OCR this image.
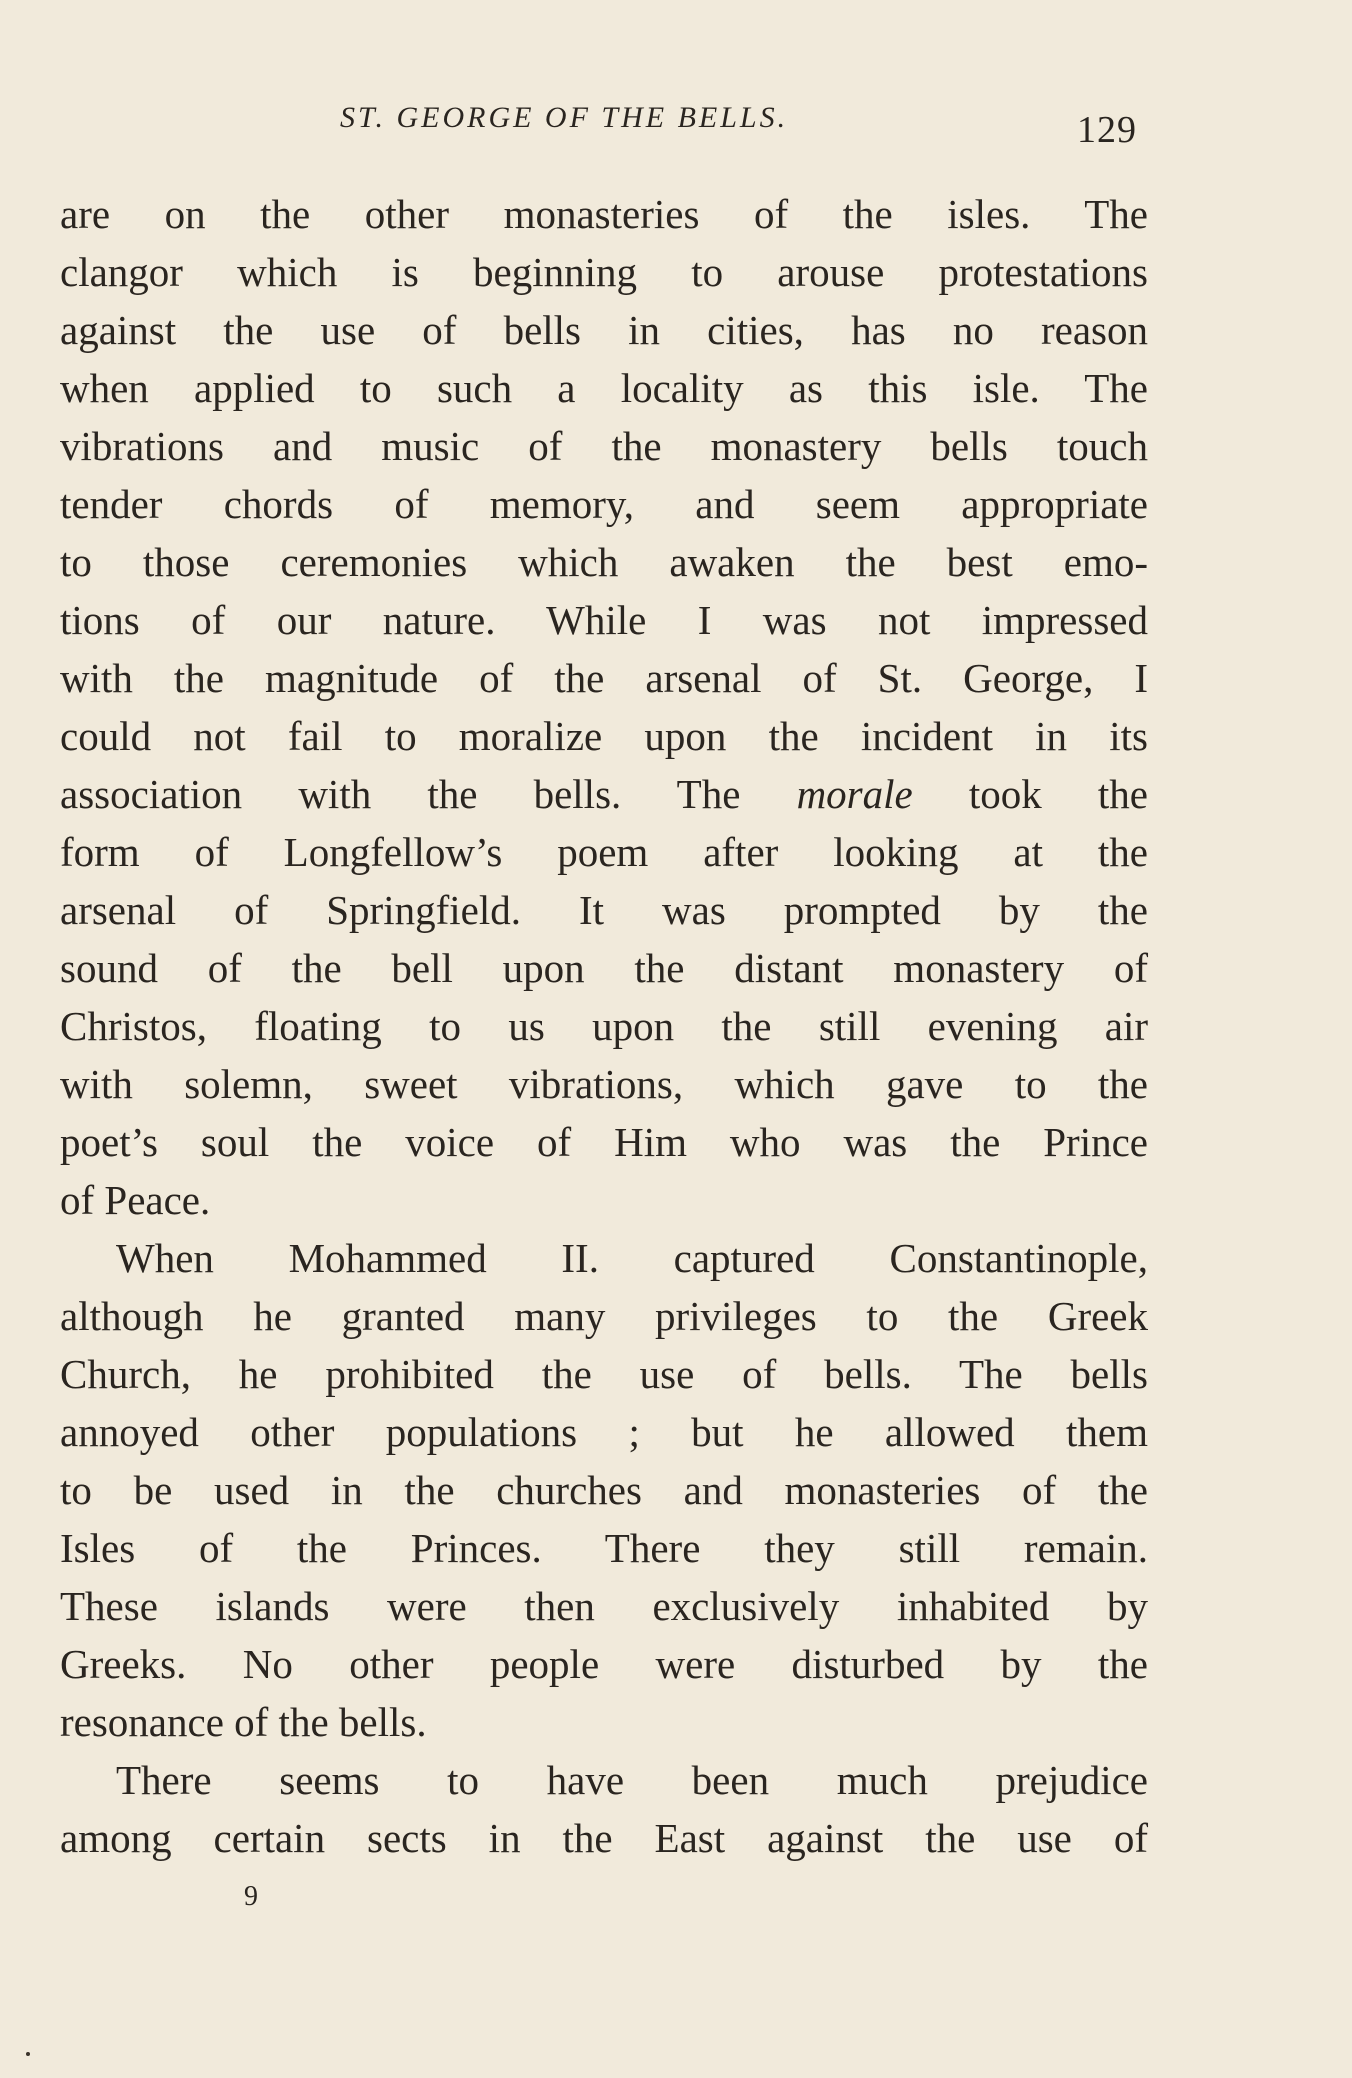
ST. GEORGE OF THE BELLS.	129
are on the other monasteries of the isles. The
clangor which is beginning to arouse protestations
against the use of bells in cities, has no reason
when applied to such a locality as this isle. The
vibrations and music of the monastery bells touch
tender chords of memory, and seem appropriate
to those ceremonies which awaken the best emo-
tions of our nature. While I was not impressed
with the magnitude of the arsenal of St. George, I
could not fail to moralize upon the incident in its
association with the bells. The morale took the
form of Longfellow’s poem after looking at the
arsenal of Springfield. It was prompted by the
sound of the bell upon the distant monastery of
Christos, floating to us upon the still evening air
with solemn, sweet vibrations, which gave to the
poet’s soul the voice of Him who was the Prince
of Peace.
When Mohammed II. captured Constantinople,
although he granted many privileges to the Greek
Church, he prohibited the use of bells. The bells
annoyed other populations ; but he allowed them
to be used in the churches and monasteries of the
Isles of the Princes. There they still remain.
These islands were then exclusively inhabited by
Greeks. No other people were disturbed by the
resonance of the bells.
There seems to have been much prejudice
among certain sects in the East against the use of
9
